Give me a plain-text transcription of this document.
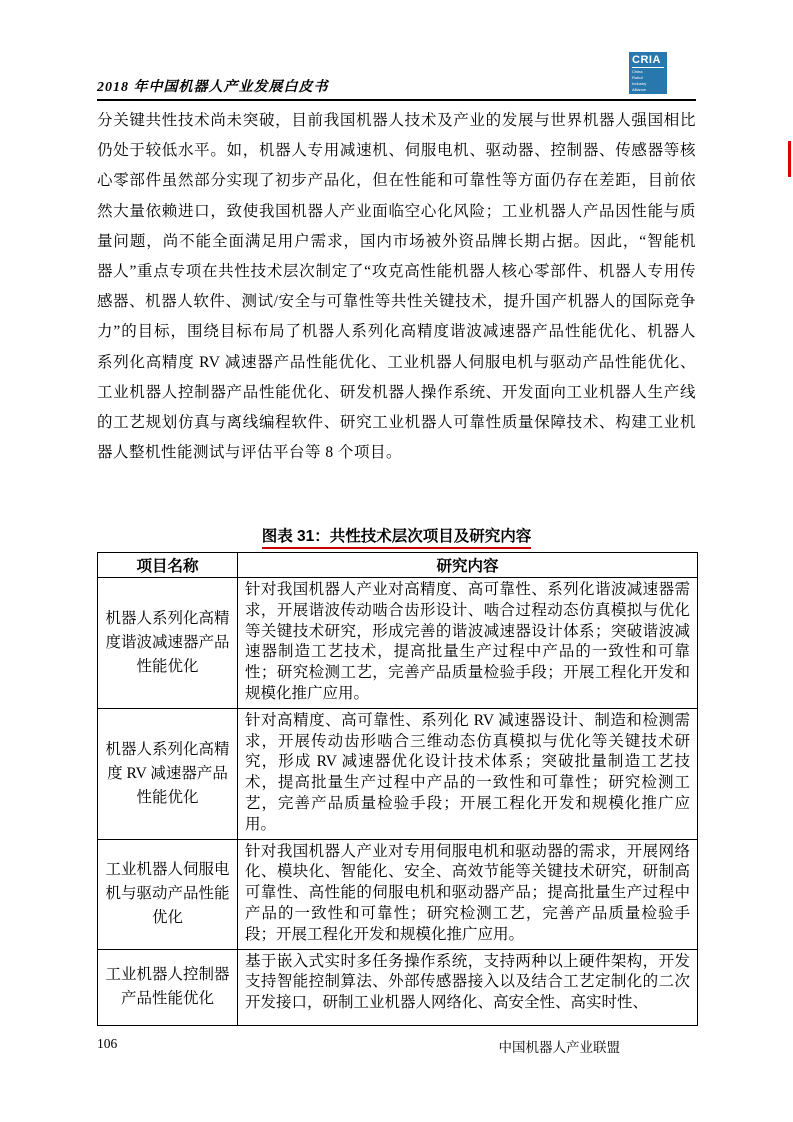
2018 年中国机器人产业发展白皮书
CRIA
China
Robot
Industry
Alliance
分关键共性技术尚未突破，目前我国机器人技术及产业的发展与世界机器人强国相比仍处于较低水平。如，机器人专用减速机、伺服电机、驱动器、控制器、传感器等核心零部件虽然部分实现了初步产品化，但在性能和可靠性等方面仍存在差距，目前依然大量依赖进口，致使我国机器人产业面临空心化风险；工业机器人产品因性能与质量问题，尚不能全面满足用户需求，国内市场被外资品牌长期占据。因此，“智能机器人”重点专项在共性技术层次制定了“攻克高性能机器人核心零部件、机器人专用传感器、机器人软件、测试/安全与可靠性等共性关键技术，提升国产机器人的国际竞争力”的目标，围绕目标布局了机器人系列化高精度谐波减速器产品性能优化、机器人系列化高精度 RV 减速器产品性能优化、工业机器人伺服电机与驱动产品性能优化、工业机器人控制器产品性能优化、研发机器人操作系统、开发面向工业机器人生产线的工艺规划仿真与离线编程软件、研究工业机器人可靠性质量保障技术、构建工业机器人整机性能测试与评估平台等 8 个项目。
图表 31：共性技术层次项目及研究内容
项目名称	研究内容
机器人系列化高精度谐波减速器产品性能优化	针对我国机器人产业对高精度、高可靠性、系列化谐波减速器需求，开展谐波传动啮合齿形设计、啮合过程动态仿真模拟与优化等关键技术研究，形成完善的谐波减速器设计体系；突破谐波减速器制造工艺技术，提高批量生产过程中产品的一致性和可靠性；研究检测工艺，完善产品质量检验手段；开展工程化开发和规模化推广应用。
机器人系列化高精度 RV 减速器产品性能优化	针对高精度、高可靠性、系列化 RV 减速器设计、制造和检测需求，开展传动齿形啮合三维动态仿真模拟与优化等关键技术研究，形成 RV 减速器优化设计技术体系；突破批量制造工艺技术，提高批量生产过程中产品的一致性和可靠性；研究检测工艺，完善产品质量检验手段；开展工程化开发和规模化推广应用。
工业机器人伺服电机与驱动产品性能优化	针对我国机器人产业对专用伺服电机和驱动器的需求，开展网络化、模块化、智能化、安全、高效节能等关键技术研究，研制高可靠性、高性能的伺服电机和驱动器产品；提高批量生产过程中产品的一致性和可靠性；研究检测工艺，完善产品质量检验手段；开展工程化开发和规模化推广应用。
工业机器人控制器产品性能优化	基于嵌入式实时多任务操作系统，支持两种以上硬件架构，开发支持智能控制算法、外部传感器接入以及结合工艺定制化的二次开发接口，研制工业机器人网络化、高安全性、高实时性、
106	中国机器人产业联盟
